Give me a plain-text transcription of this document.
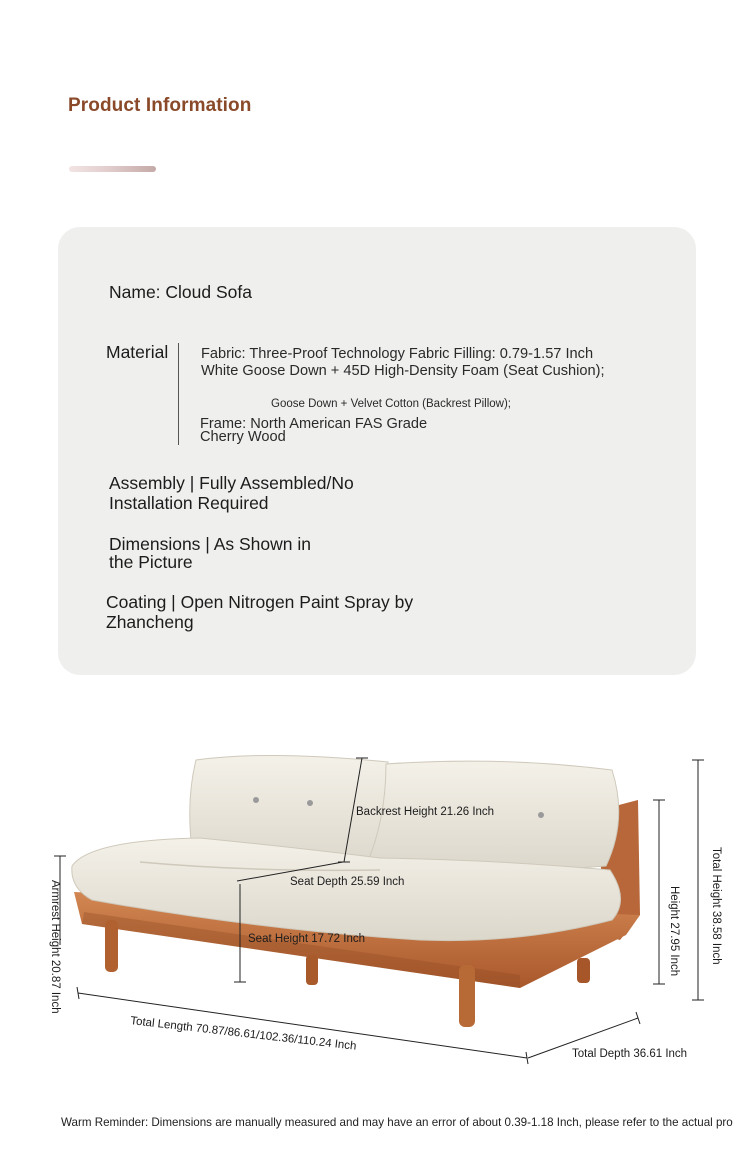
Product Information
Name: Cloud Sofa
Material Fabric: Three-Proof Technology Fabric Filling: 0.79-1.57 Inch
White Goose Down + 45D High-Density Foam (Seat Cushion);
Goose Down + Velvet Cotton (Backrest Pillow);
Frame: North American FAS Grade
Cherry Wood
Assembly | Fully Assembled/No
Installation Required
Dimensions | As Shown in
the Picture
Coating | Open Nitrogen Paint Spray by
Zhancheng
Backrest Height 21.26 Inch
Seat Depth 25.59 Inch
Seat Height 17.72 Inch
Armrest Height 20.87 Inch	Height 27.95 Inch	Total Height 38.58 Inch
Total Length 70.87/86.61/102.36/110.24 Inch
Total Depth 36.61 Inch
Warm Reminder: Dimensions are manually measured and may have an error of about 0.39-1.18 Inch, please refer to the actual pro
